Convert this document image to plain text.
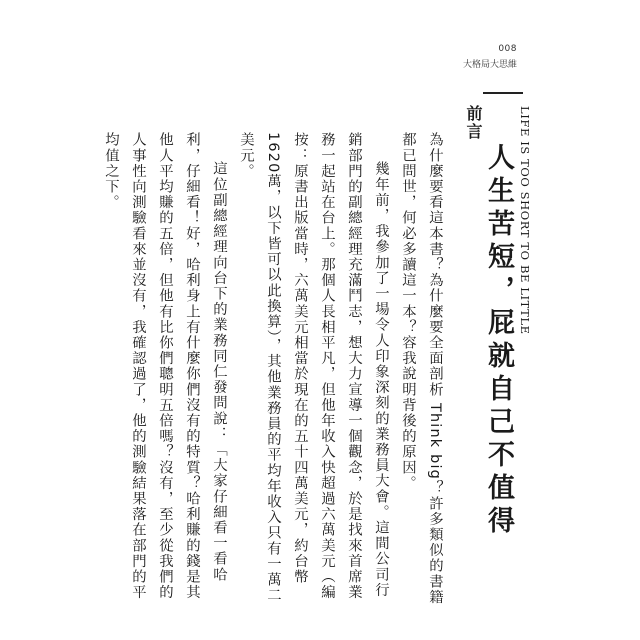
008
大格局大思維
前言
人生苦短，屁就自己不值得 LIFE IS TOO SHORT TO BE LITTLE

為什麼要看這本書？為什麼要全面剖析 Think big？許多類似的書籍都已問世，何必多讀這一本？容我說明背後的原因。

幾年前，我參加了一場令人印象深刻的業務員大會。這間公司行銷部門的副總經理充滿鬥志，想大力宣導一個觀念，於是找來首席業務一起站在台上。那個人長相平凡，但他年收入快超過六萬美元（編按：原書出版當時，六萬美元相當於現在的五十四萬美元，約台幣1620萬，以下皆可以此換算），其他業務員的平均年收入只有一萬二美元。

這位副總經理向台下的業務同仁發問說：「大家仔細看一看哈利，仔細看！好，哈利身上有什麼你們沒有的特質？哈利賺的錢是其他人平均賺的五倍，但他有比你們聰明五倍嗎？沒有，至少從我們的人事性向測驗看來並沒有，我確認過了，他的測驗結果落在部門的平均值之下。
